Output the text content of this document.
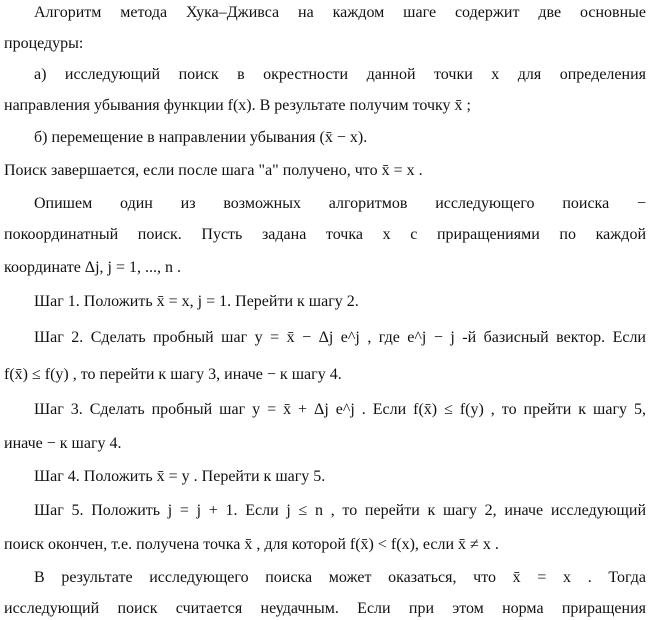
Алгоритм метода Хука–Дживса на каждом шаге содержит две основные
процедуры:
а) исследующий поиск в окрестности данной точки x для определения
направления убывания функции f(x). В результате получим точку x̄ ;
б) перемещение в направлении убывания (x̄ − x).
Поиск завершается, если после шага "а" получено, что x̄ = x .
Опишем один из возможных алгоритмов исследующего поиска −
покоординатный поиск. Пусть задана точка x с приращениями по каждой
координате Δj, j = 1, ..., n .
Шаг 1. Положить x̄ = x, j = 1. Перейти к шагу 2.
Шаг 2. Сделать пробный шаг y = x̄ − Δj e^j , где e^j − j -й базисный вектор. Если
f(x̄) ≤ f(y) , то перейти к шагу 3, иначе − к шагу 4.
Шаг 3. Сделать пробный шаг y = x̄ + Δj e^j . Если f(x̄) ≤ f(y) , то прейти к шагу 5,
иначе − к шагу 4.
Шаг 4. Положить x̄ = y . Перейти к шагу 5.
Шаг 5. Положить j = j + 1. Если j ≤ n , то перейти к шагу 2, иначе исследующий
поиск окончен, т.е. получена точка x̄ , для которой f(x̄) < f(x), если x̄ ≠ x .
В результате исследующего поиска может оказаться, что x̄ = x . Тогда
исследующий поиск считается неудачным. Если при этом норма приращения
